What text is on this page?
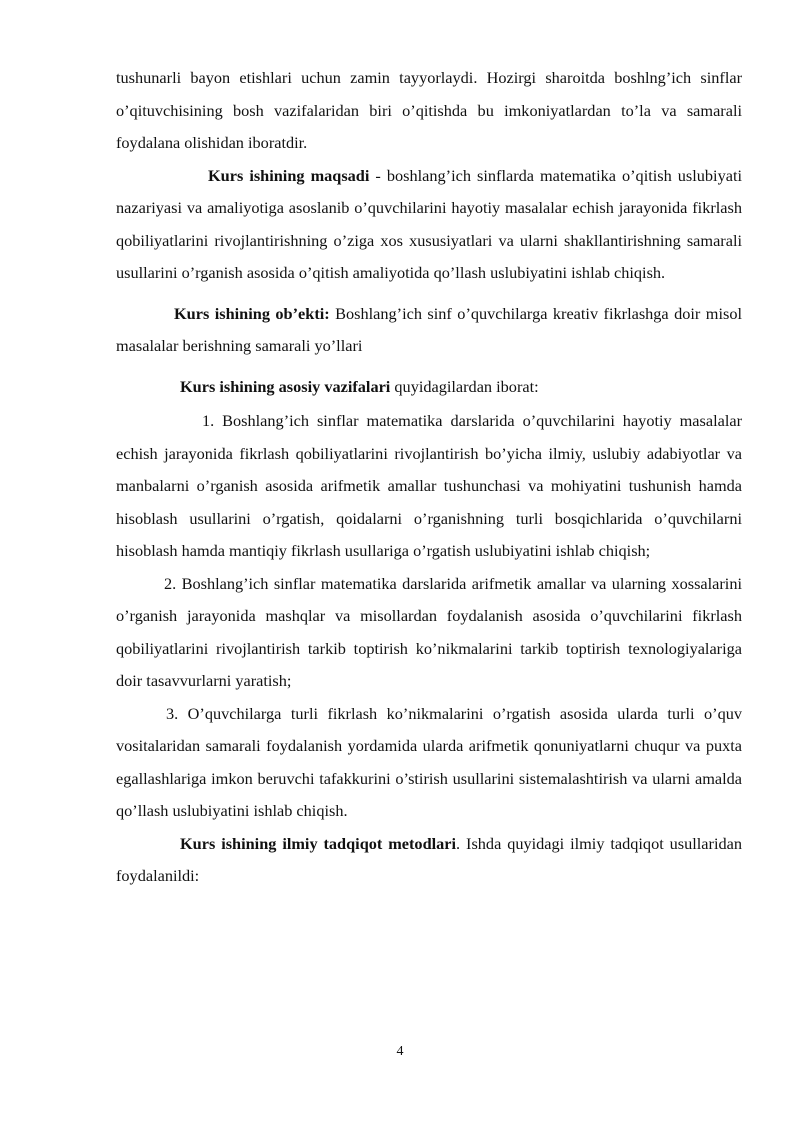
tushunarli bayon etishlari uchun zamin tayyorlaydi. Hozirgi sharoitda boshlng’ich sinflar o’qituvchisining bosh vazifalaridan biri o’qitishda bu imkoniyatlardan to’la va samarali foydalana olishidan iboratdir.

Kurs ishining maqsadi - boshlang’ich sinflarda matematika o’qitish uslubiyati nazariyasi va amaliyotiga asoslanib o’quvchilarini hayotiy masalalar echish jarayonida fikrlash qobiliyatlarini rivojlantirishning o’ziga xos xususiyatlari va ularni shakllantirishning samarali usullarini o’rganish asosida o’qitish amaliyotida qo’llash uslubiyatini ishlab chiqish.

Kurs ishining ob’ekti: Boshlang’ich sinf o’quvchilarga kreativ fikrlashga doir misol masalalar berishning samarali yo’llari

Kurs ishining asosiy vazifalari quyidagilardan iborat:

1. Boshlang’ich sinflar matematika darslarida o’quvchilarini hayotiy masalalar echish jarayonida fikrlash qobiliyatlarini rivojlantirish bo’yicha ilmiy, uslubiy adabiyotlar va manbalarni o’rganish asosida arifmetik amallar tushunchasi va mohiyatini tushunish hamda hisoblash usullarini o’rgatish, qoidalarni o’rganishning turli bosqichlarida o’quvchilarni hisoblash hamda mantiqiy fikrlash usullariga o’rgatish uslubiyatini ishlab chiqish;

2. Boshlang’ich sinflar matematika darslarida arifmetik amallar va ularning xossalarini o’rganish jarayonida mashqlar va misollardan foydalanish asosida o’quvchilarini fikrlash qobiliyatlarini rivojlantirish tarkib toptirish ko’nikmalarini tarkib toptirish texnologiyalariga doir tasavvurlarni yaratish;

3. O’quvchilarga turli fikrlash ko’nikmalarini o’rgatish asosida ularda turli o’quv vositalaridan samarali foydalanish yordamida ularda arifmetik qonuniyatlarni chuqur va puxta egallashlariga imkon beruvchi tafakkurini o’stirish usullarini sistemalashtirish va ularni amalda qo’llash uslubiyatini ishlab chiqish.

Kurs ishining ilmiy tadqiqot metodlari. Ishda quyidagi ilmiy tadqiqot usullaridan foydalanildi:

4
